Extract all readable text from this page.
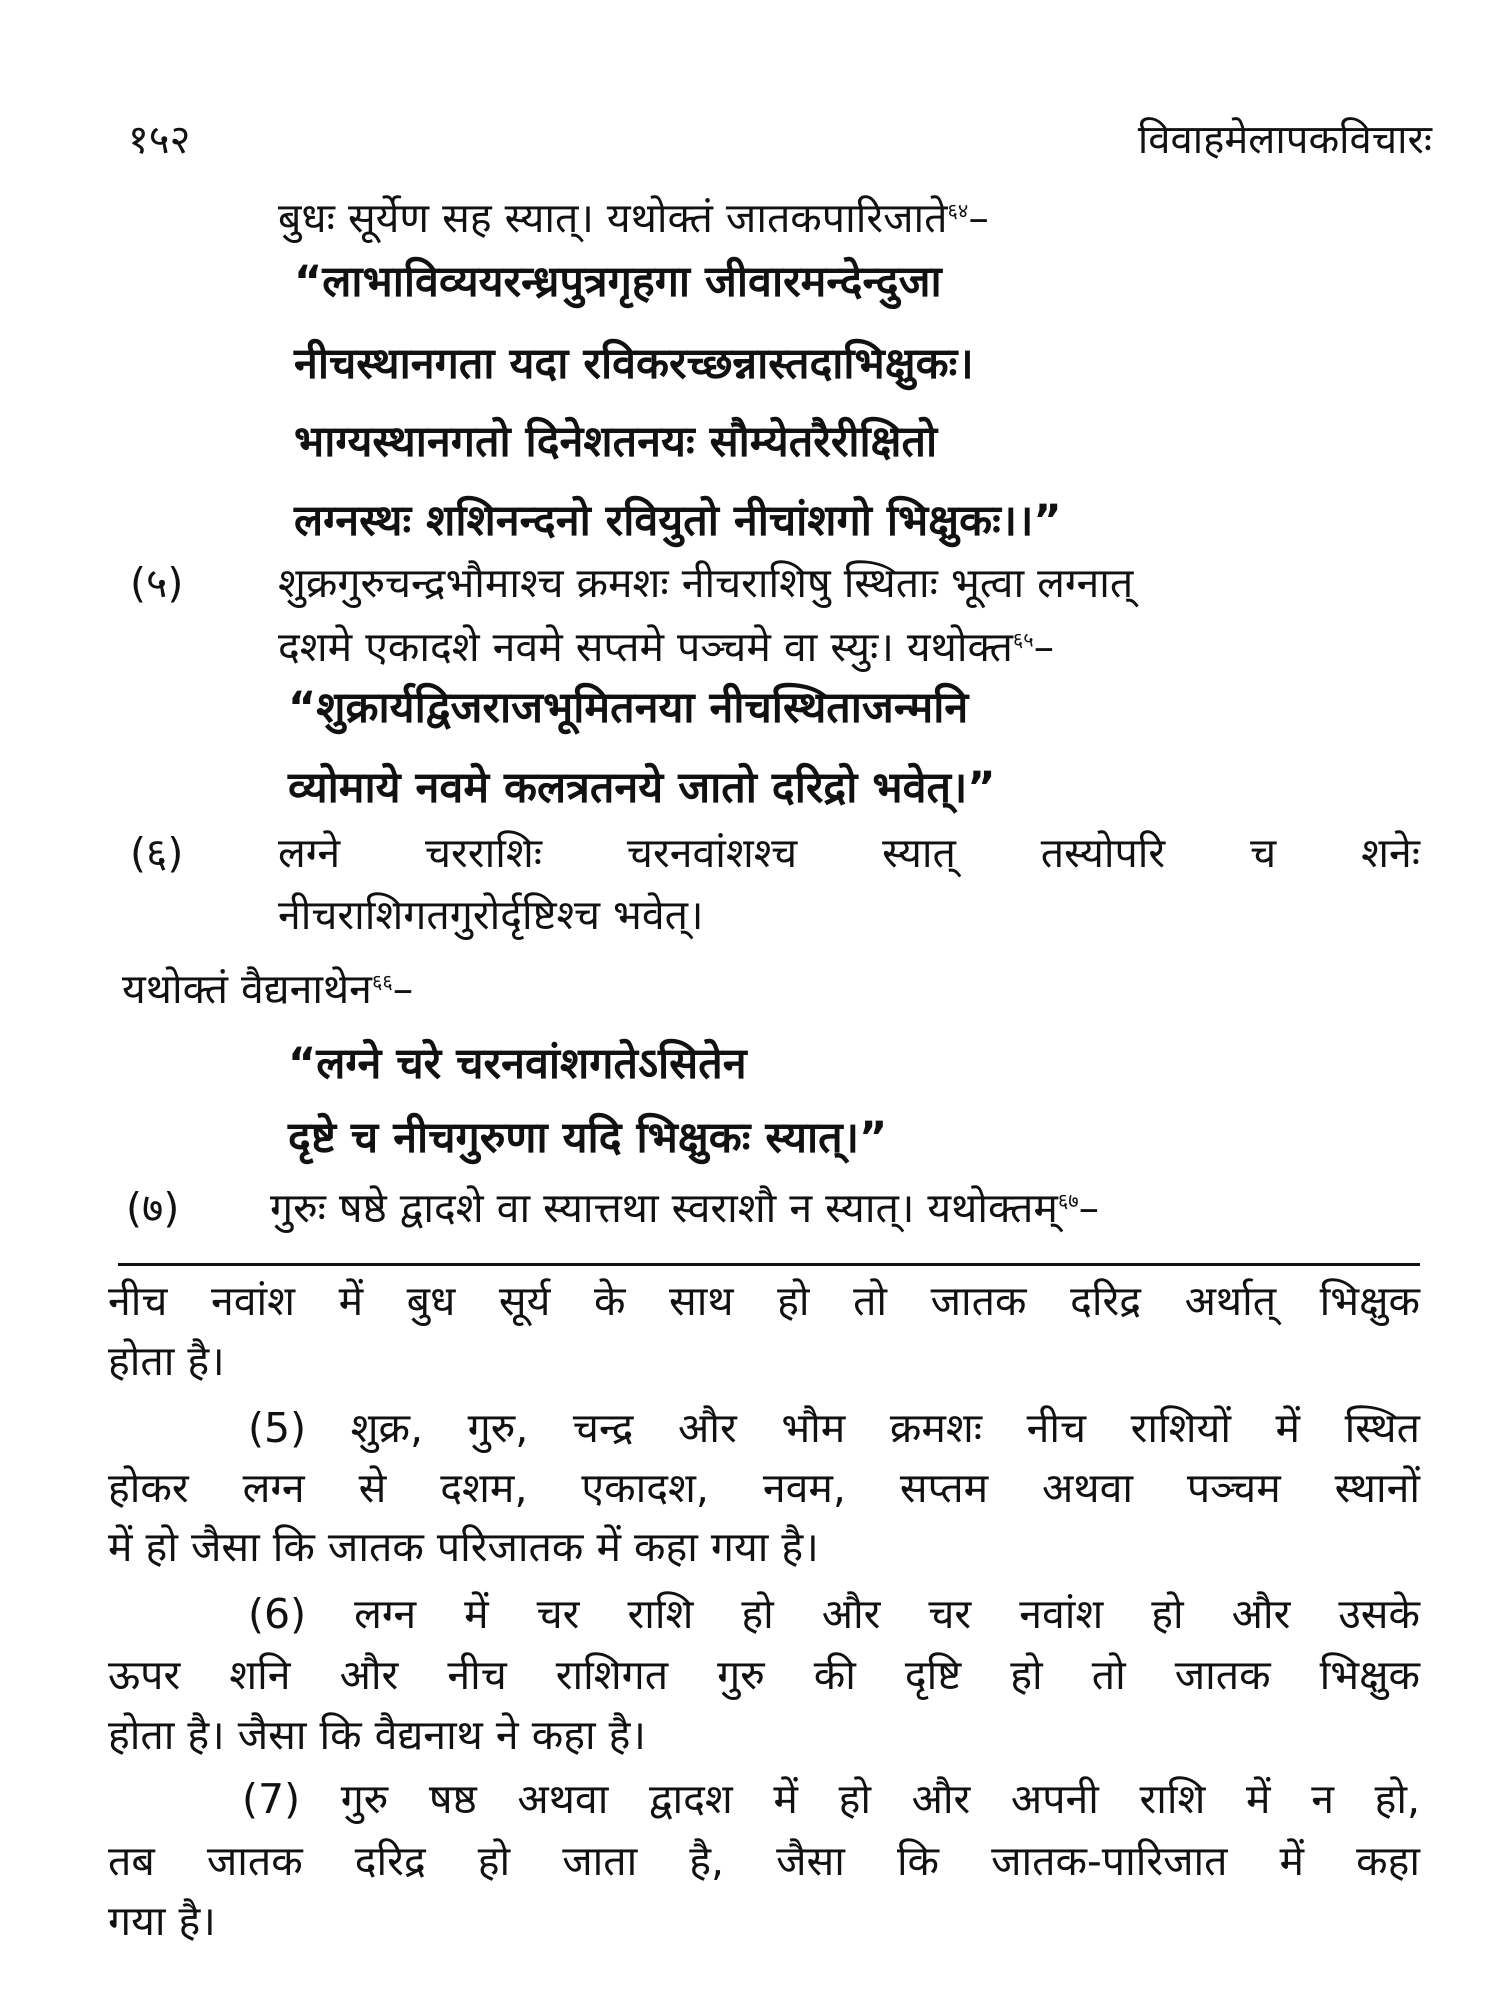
१५२	विवाहमेलापकविचारः
बुधः सूर्येण सह स्यात्। यथोक्तं जातकपारिजाते$^{६४}$–
“लाभाविव्ययरन्ध्रपुत्रगृहगा जीवारमन्देन्दुजा
नीचस्थानगता यदा रविकरच्छन्नास्तदाभिक्षुकः।
भाग्यस्थानगतो दिनेशतनयः सौम्येतरैरीक्षितो
लग्नस्थः शशिनन्दनो रवियुतो नीचांशगो भिक्षुकः।।”
(५) शुक्रगुरुचन्द्रभौमाश्च क्रमशः नीचराशिषु स्थिताः भूत्वा लग्नात्
दशमे एकादशे नवमे सप्तमे पञ्चमे वा स्युः। यथोक्त$^{६५}$–
“शुक्रार्यद्विजराजभूमितनया नीचस्थिताजन्मनि
व्योमाये नवमे कलत्रतनये जातो दरिद्रो भवेत्।”
(६) लग्ने चरराशिः चरनवांशश्च स्यात् तस्योपरि च शनेः
नीचराशिगतगुरोर्दृष्टिश्च भवेत्।
यथोक्तं वैद्यनाथेन$^{६६}$–
“लग्ने चरे चरनवांशगतेऽसितेन
दृष्टे च नीचगुरुणा यदि भिक्षुकः स्यात्।”
(७) गुरुः षष्ठे द्वादशे वा स्यात्तथा स्वराशौ न स्यात्। यथोक्तम्$^{६७}$–
नीच नवांश में बुध सूर्य के साथ हो तो जातक दरिद्र अर्थात् भिक्षुक
होता है।
(5) शुक्र, गुरु, चन्द्र और भौम क्रमशः नीच राशियों में स्थित
होकर लग्न से दशम, एकादश, नवम, सप्तम अथवा पञ्चम स्थानों
में हो जैसा कि जातक परिजातक में कहा गया है।
(6) लग्न में चर राशि हो और चर नवांश हो और उसके
ऊपर शनि और नीच राशिगत गुरु की दृष्टि हो तो जातक भिक्षुक
होता है। जैसा कि वैद्यनाथ ने कहा है।
(7) गुरु षष्ठ अथवा द्वादश में हो और अपनी राशि में न हो,
तब जातक दरिद्र हो जाता है, जैसा कि जातक-पारिजात में कहा
गया है।
